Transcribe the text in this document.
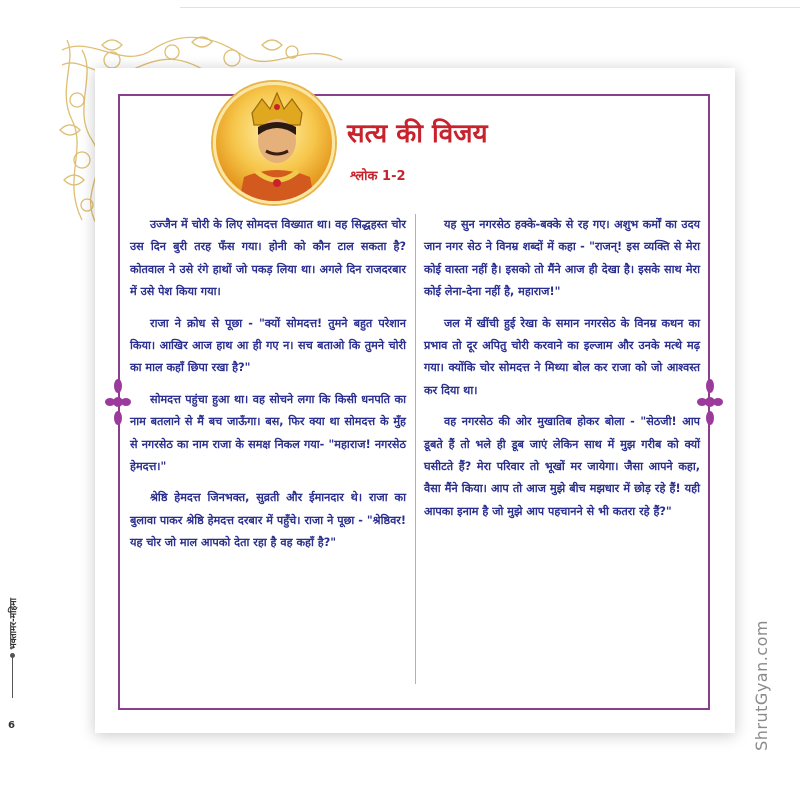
सत्य की विजय
श्लोक 1-2

उज्जैन में चोरी के लिए सोमदत्त विख्यात था। वह सिद्धहस्त चोर उस दिन बुरी तरह फँस गया। होनी को कौन टाल सकता है? कोतवाल ने उसे रंगे हाथों जो पकड़ लिया था। अगले दिन राजदरबार में उसे पेश किया गया।

राजा ने क्रोध से पूछा - "क्यों सोमदत्त! तुमने बहुत परेशान किया। आखिर आज हाथ आ ही गए न। सच बताओ कि तुमने चोरी का माल कहाँ छिपा रखा है?"

सोमदत्त पहुंचा हुआ था। वह सोचने लगा कि किसी धनपति का नाम बतलाने से मैं बच जाऊँगा। बस, फिर क्या था सोमदत्त के मुँह से नगरसेठ का नाम राजा के समक्ष निकल गया- "महाराज! नगरसेठ हेमदत्त।"

श्रेष्ठि हेमदत्त जिनभक्त, सुव्रती और ईमानदार थे। राजा का बुलावा पाकर श्रेष्ठि हेमदत्त दरबार में पहुँचे। राजा ने पूछा - "श्रेष्ठिवर! यह चोर जो माल आपको देता रहा है वह कहाँ है?"

यह सुन नगरसेठ हक्के-बक्के से रह गए। अशुभ कर्मों का उदय जान नगर सेठ ने विनम्र शब्दों में कहा - "राजन्! इस व्यक्ति से मेरा कोई वास्ता नहीं है। इसको तो मैंने आज ही देखा है। इसके साथ मेरा कोई लेना-देना नहीं है, महाराज!"

जल में खींची हुई रेखा के समान नगरसेठ के विनम्र कथन का प्रभाव तो दूर अपितु चोरी करवाने का इल्जाम और उनके मत्थे मढ़ गया। क्योंकि चोर सोमदत्त ने मिथ्या बोल कर राजा को जो आश्वस्त कर दिया था।

वह नगरसेठ की ओर मुखातिब होकर बोला - "सेठजी! आप डूबते हैं तो भले ही डूब जाएं लेकिन साथ में मुझ गरीब को क्यों घसीटते हैं? मेरा परिवार तो भूखों मर जायेगा। जैसा आपने कहा, वैसा मैंने किया। आप तो आज मुझे बीच मझधार में छोड़ रहे हैं! यही आपका इनाम है जो मुझे आप पहचानने से भी कतरा रहे हैं?"

भक्तामर-महिमा
6	ShrutGyan.com
